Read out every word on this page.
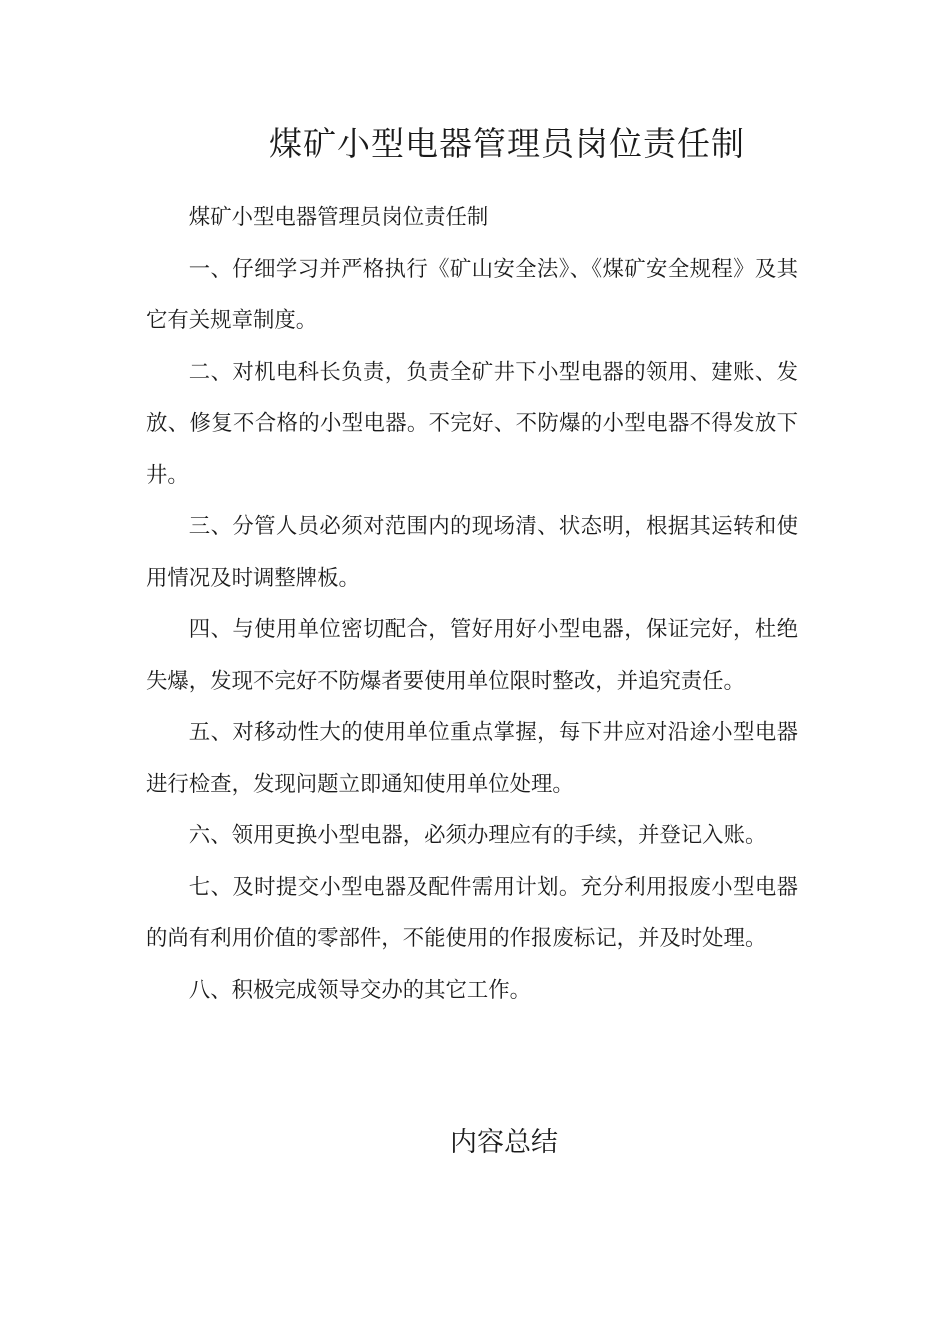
煤矿小型电器管理员岗位责任制

煤矿小型电器管理员岗位责任制

一、仔细学习并严格执行《矿山安全法》、《煤矿安全规程》及其它有关规章制度。

二、对机电科长负责，负责全矿井下小型电器的领用、建账、发放、修复不合格的小型电器。不完好、不防爆的小型电器不得发放下井。

三、分管人员必须对范围内的现场清、状态明，根据其运转和使用情况及时调整牌板。

四、与使用单位密切配合，管好用好小型电器，保证完好，杜绝失爆，发现不完好不防爆者要使用单位限时整改，并追究责任。

五、对移动性大的使用单位重点掌握，每下井应对沿途小型电器进行检查，发现问题立即通知使用单位处理。

六、领用更换小型电器，必须办理应有的手续，并登记入账。

七、及时提交小型电器及配件需用计划。充分利用报废小型电器的尚有利用价值的零部件，不能使用的作报废标记，并及时处理。

八、积极完成领导交办的其它工作。

内容总结
